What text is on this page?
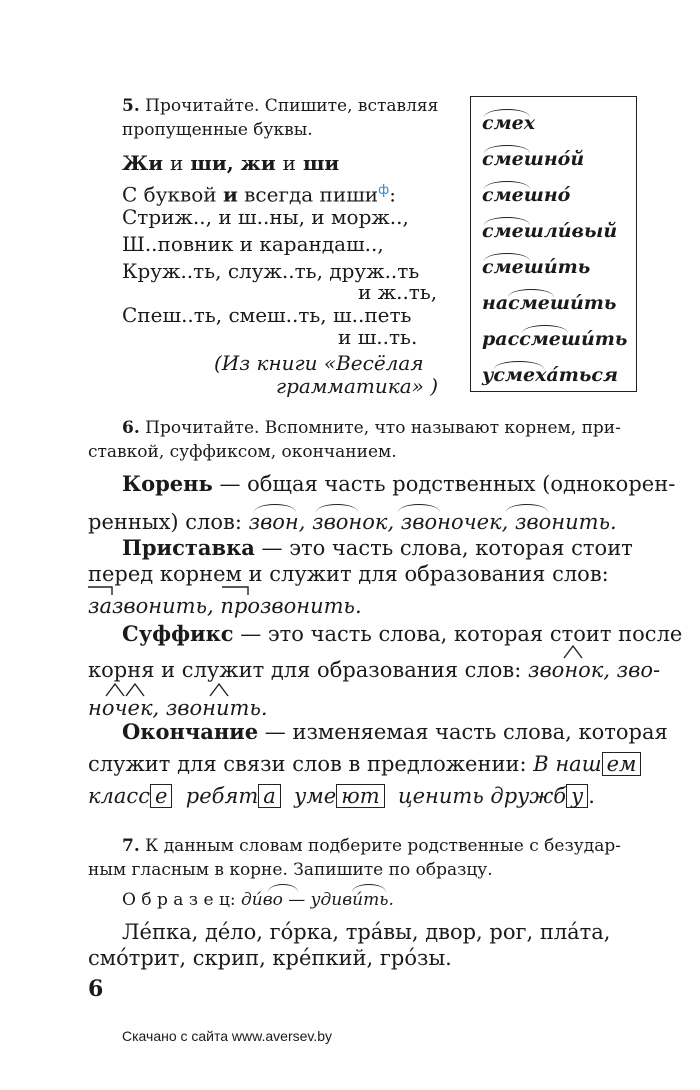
5. Прочитайте. Спишите, вставляя
пропущенные буквы.
Жи и ши, жи и ши
С буквой и всегда пиши$^ф$:
Стриж.., и ш..ны, и морж..,
Ш..повник и карандаш..,
Круж..ть, служ..ть, друж..ть
и ж..ть,
Спеш..ть, смеш..ть, ш..петь
и ш..ть.
(Из книги «Весёлая
грамматика» )
смех
смешно́й
смешно́
смешли́вый
смеши́ть
насмеши́ть
рассмеши́ть
усмеха́ться
6. Прочитайте. Вспомните, что называют корнем, при-
ставкой, суффиксом, окончанием.
Корень — общая часть родственных (однокорен-
ренных) слов: звон, звонок, звоночек, звонить.
Приставка — это часть слова, которая стоит
перед корнем и служит для образования слов:
зазвонить, прозвонить.
Суффикс — это часть слова, которая стоит после
корня и служит для образования слов: звонок, зво-
ночек, звонить.
Окончание — изменяемая часть слова, которая
служит для связи слов в предложении: В наш ем
класс е ребят а уме ют ценить дружб у .
7. К данным словам подберите родственные с безудар-
ным гласным в корне. Запишите по образцу.
О б р а з е ц: ди́во — удиви́ть.
Ле́пка, де́ло, го́рка, тра́вы, двор, рог, пла́та,
смо́трит, скрип, кре́пкий, гро́зы.
6
Скачано с сайта www.aversev.by
